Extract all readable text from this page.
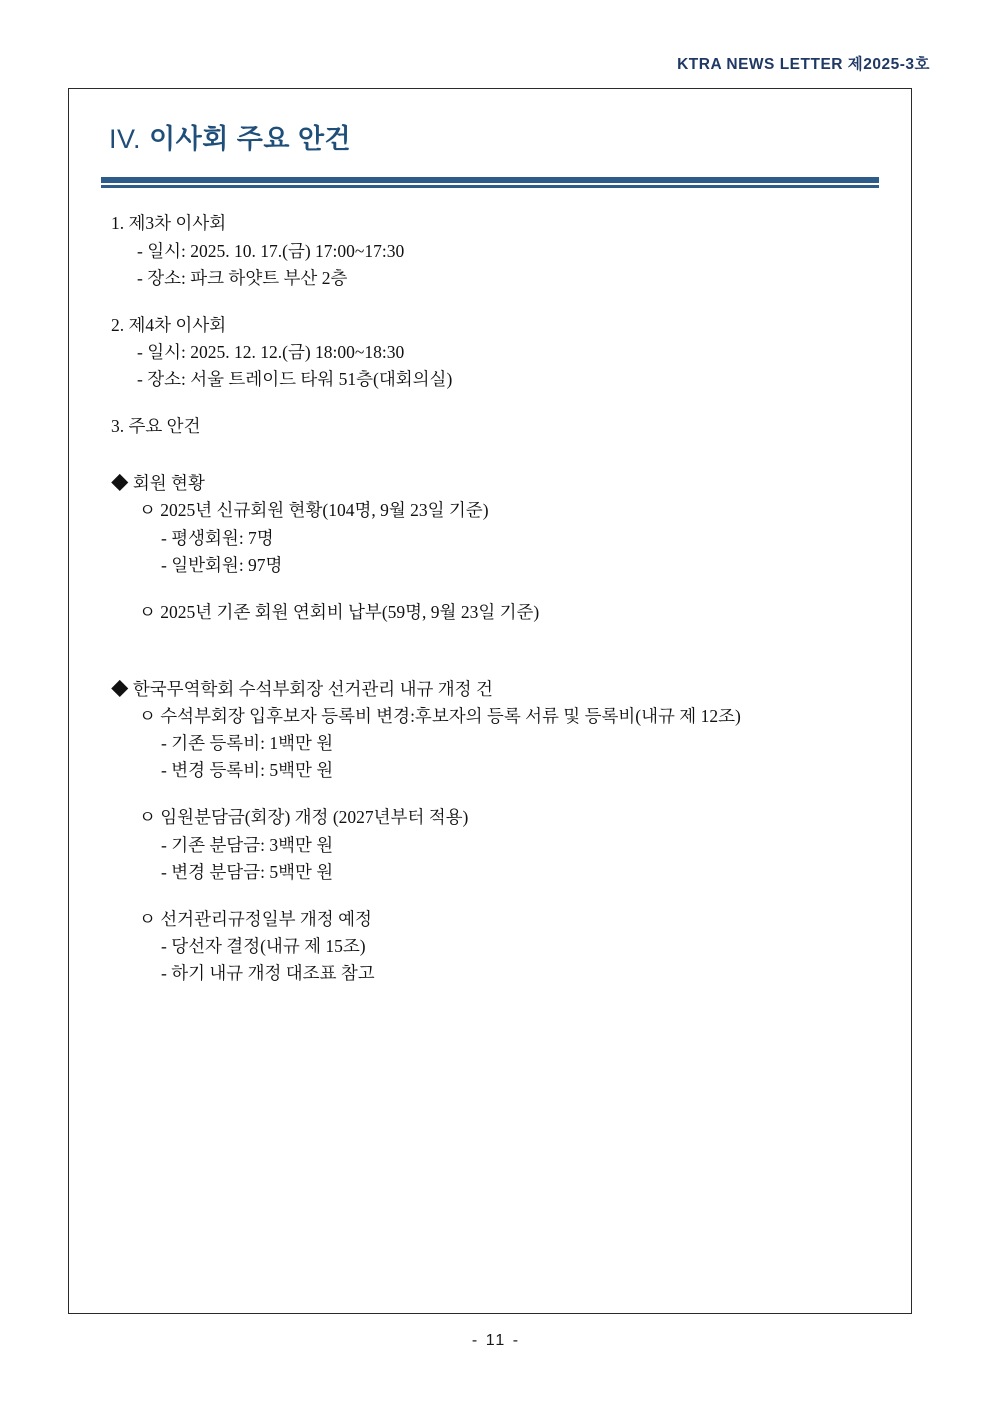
KTRA NEWS LETTER 제2025-3호
IV. 이사회 주요 안건
1. 제3차 이사회
- 일시: 2025. 10. 17.(금) 17:00~17:30
- 장소: 파크 하얏트 부산 2층
2. 제4차 이사회
- 일시: 2025. 12. 12.(금) 18:00~18:30
- 장소: 서울 트레이드 타워 51층(대회의실)
3. 주요 안건
◆ 회원 현황
ㅇ 2025년 신규회원 현황(104명, 9월 23일 기준)
- 평생회원: 7명
- 일반회원: 97명
ㅇ 2025년 기존 회원 연회비 납부(59명, 9월 23일 기준)
◆ 한국무역학회 수석부회장 선거관리 내규 개정 건
ㅇ 수석부회장 입후보자 등록비 변경:후보자의 등록 서류 및 등록비(내규 제 12조)
- 기존 등록비: 1백만 원
- 변경 등록비: 5백만 원
ㅇ 임원분담금(회장) 개정 (2027년부터 적용)
- 기존 분담금: 3백만 원
- 변경 분담금: 5백만 원
ㅇ 선거관리규정일부 개정 예정
- 당선자 결정(내규 제 15조)
- 하기 내규 개정 대조표 참고
- 11 -
